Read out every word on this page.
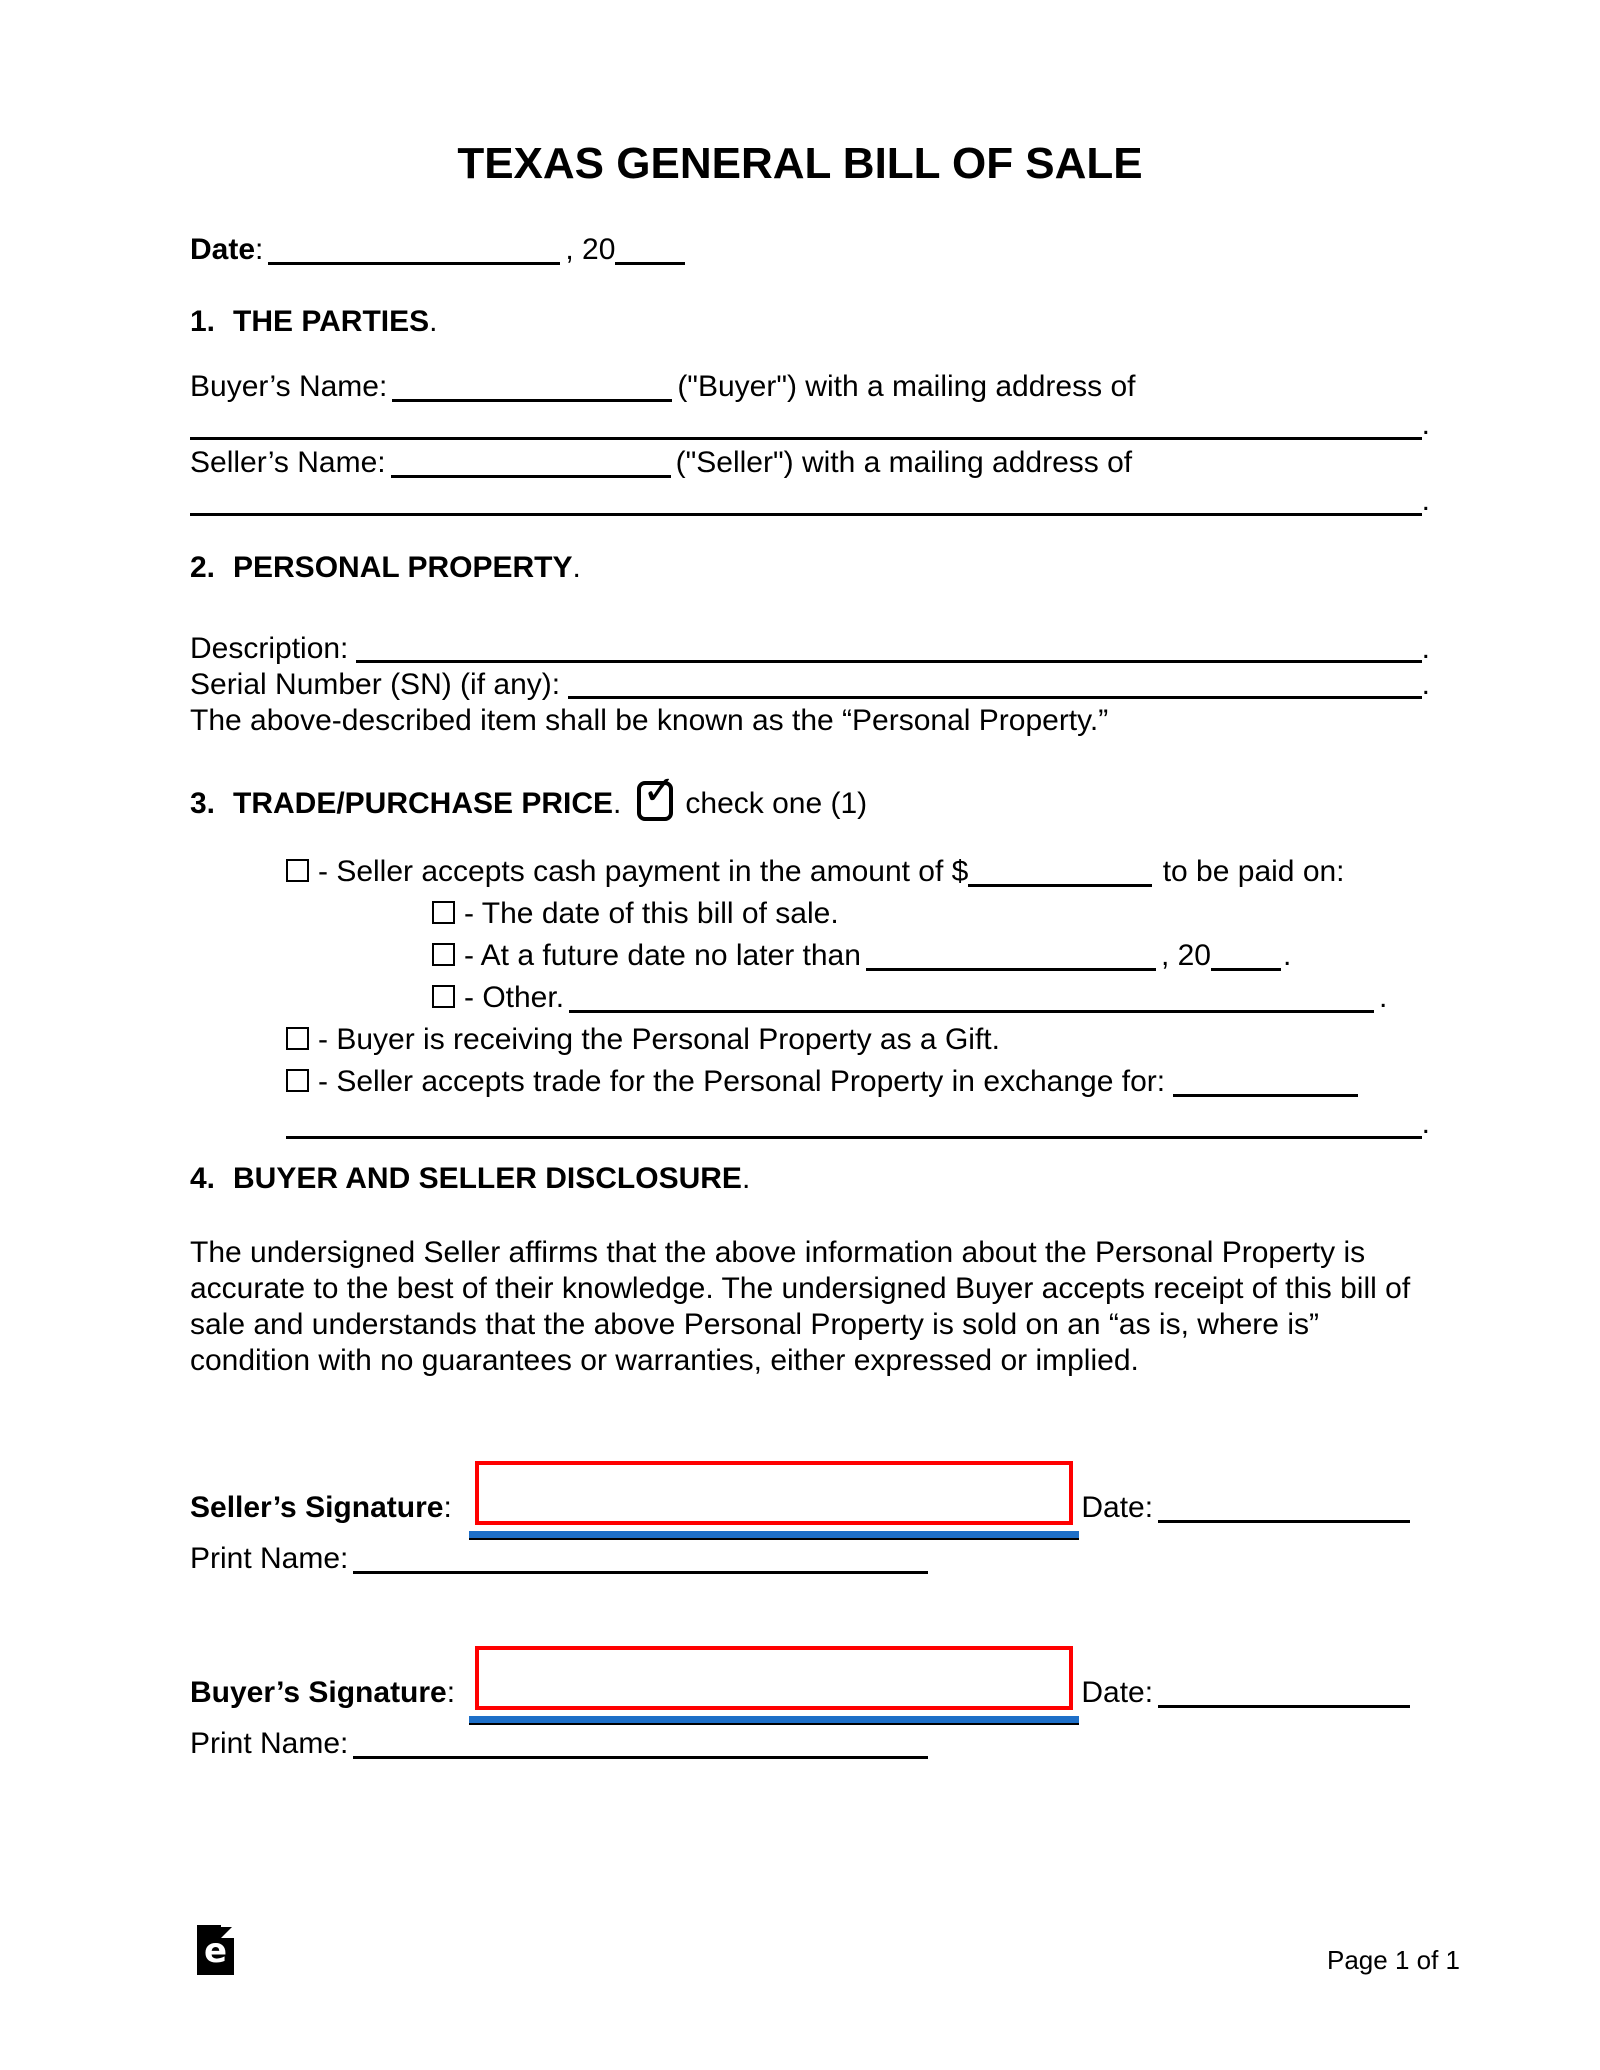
TEXAS GENERAL BILL OF SALE
Date:	, 20
1. THE PARTIES.
Buyer’s Name:	("Buyer") with a mailing address of
.
Seller’s Name:	("Seller") with a mailing address of
.
2. PERSONAL PROPERTY.
Description:	.
Serial Number (SN) (if any):	.
The above-described item shall be known as the “Personal Property.”
3. TRADE/PURCHASE PRICE. ✓ check one (1)
- Seller accepts cash payment in the amount of $	to be paid on:
- The date of this bill of sale.
- At a future date no later than	, 20 .
- Other.	.
- Buyer is receiving the Personal Property as a Gift.
- Seller accepts trade for the Personal Property in exchange for:
.
4. BUYER AND SELLER DISCLOSURE.
The undersigned Seller affirms that the above information about the Personal Property is accurate to the best of their knowledge. The undersigned Buyer accepts receipt of this bill of sale and understands that the above Personal Property is sold on an “as is, where is” condition with no guarantees or warranties, either expressed or implied.
Seller’s Signature:	Date:
Print Name:
Buyer’s Signature:	Date:
Print Name:
e	Page 1 of 1
